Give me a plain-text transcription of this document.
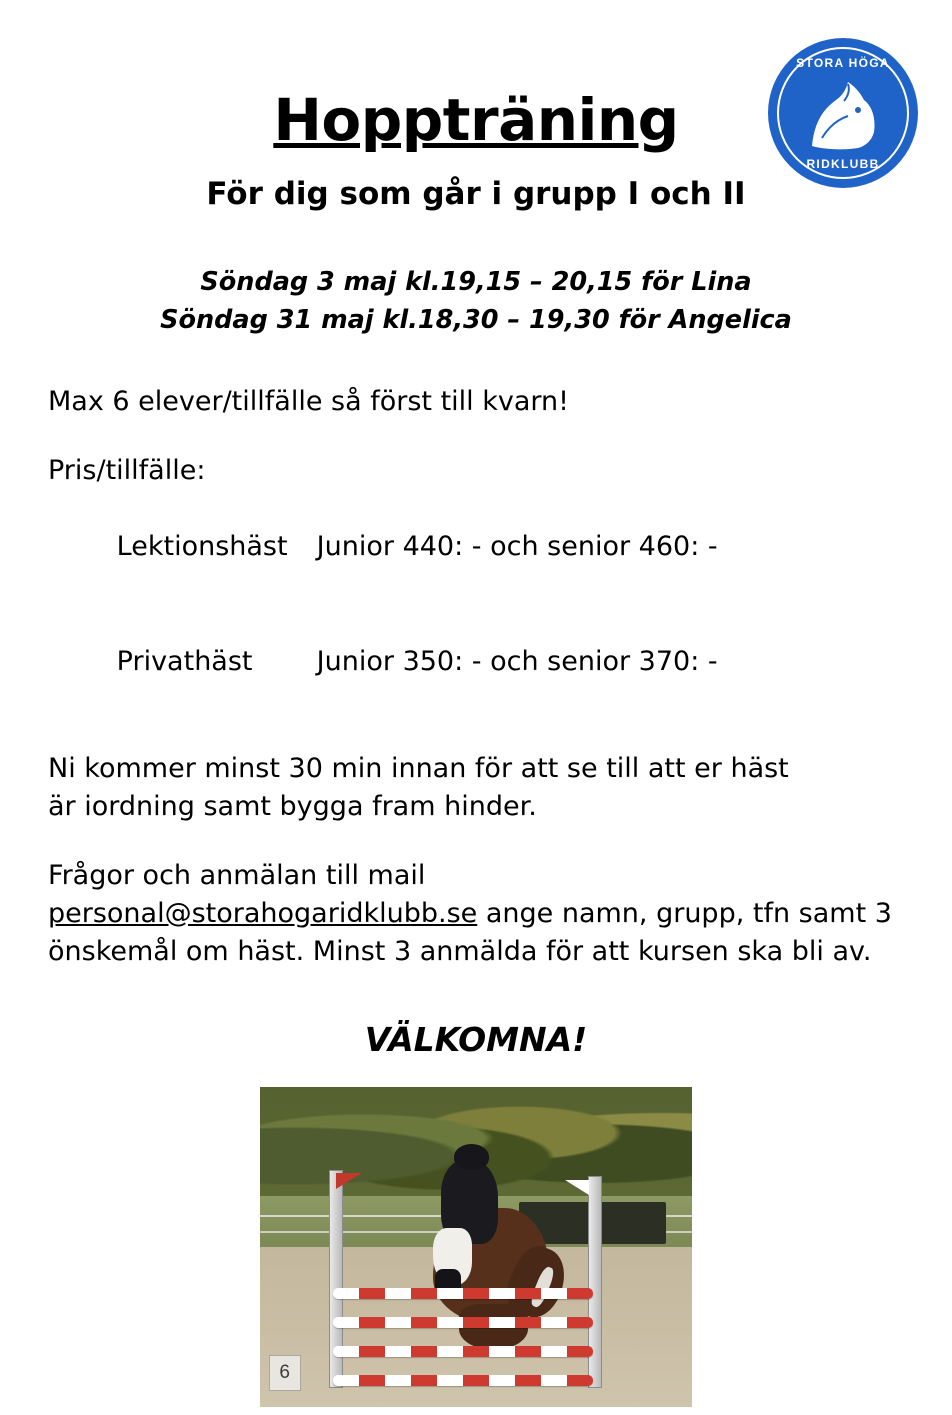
STORA HÖGA
RIDKLUBB
Hoppträning
För dig som går i grupp I och II
Söndag 3 maj kl.19,15 – 20,15 för Lina
Söndag 31 maj kl.18,30 – 19,30 för Angelica
Max 6 elever/tillfälle så först till kvarn!
Pris/tillfälle:

Lektionshäst Junior 440: - och senior 460: -

Privathäst Junior 350: - och senior 370: -

Ni kommer minst 30 min innan för att se till att er häst
är iordning samt bygga fram hinder.
Frågor och anmälan till mail
personal@storahogaridklubb.se ange namn, grupp, tfn samt 3 önskemål om häst. Minst 3 anmälda för att kursen ska bli av.
VÄLKOMNA!
6
